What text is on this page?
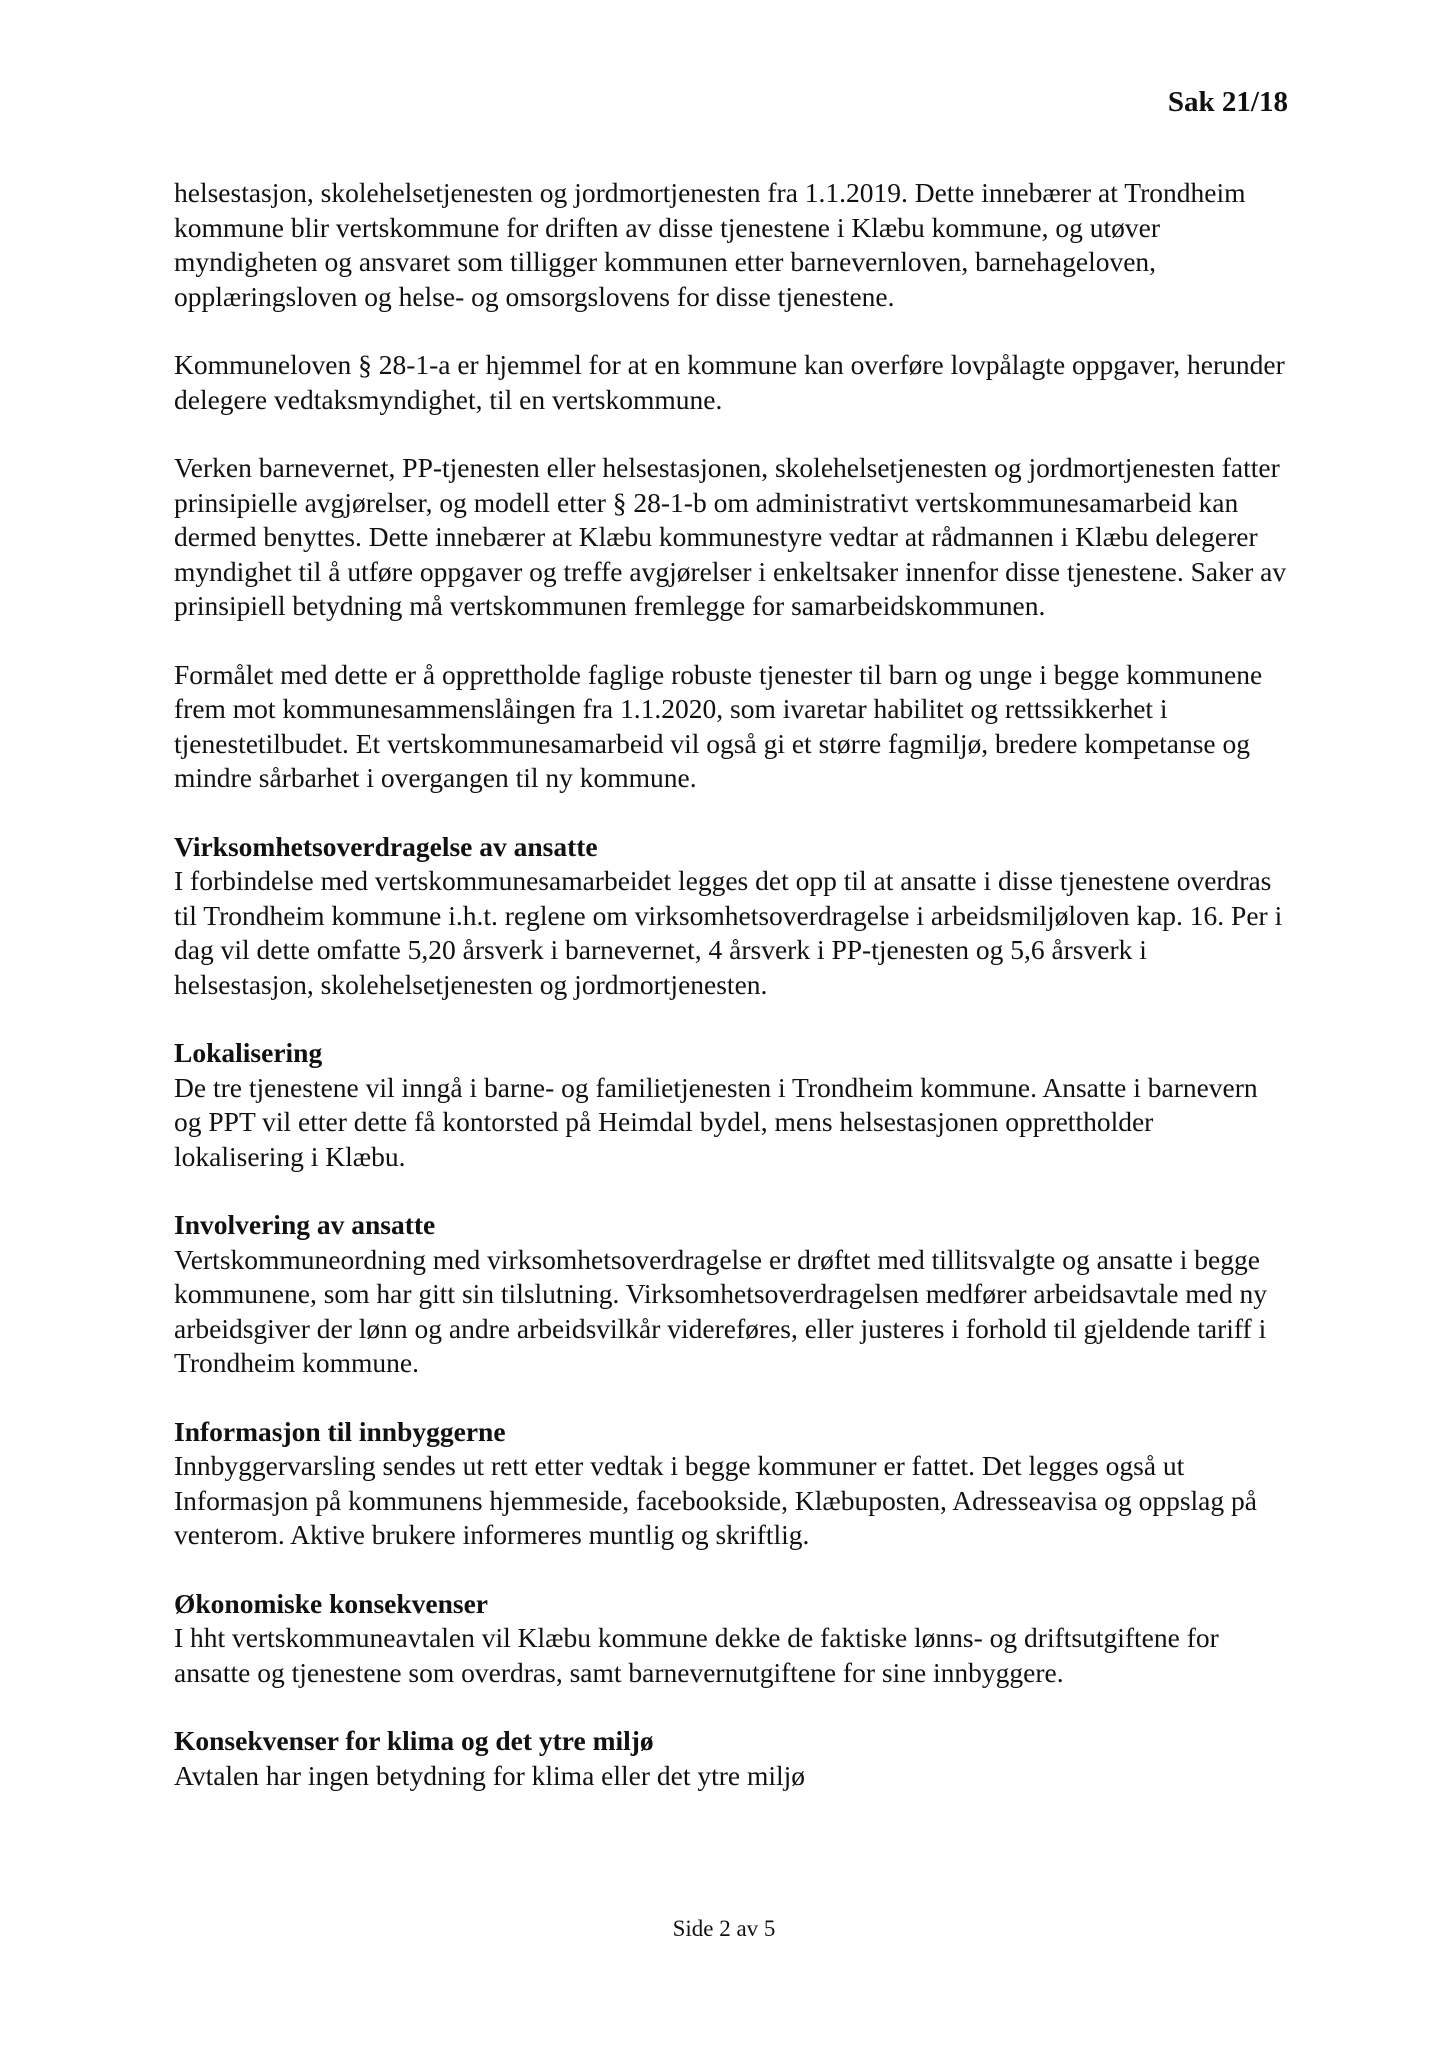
Sak 21/18

helsestasjon, skolehelsetjenesten og jordmortjenesten fra 1.1.2019. Dette innebærer at Trondheim kommune blir vertskommune for driften av disse tjenestene i Klæbu kommune, og utøver myndigheten og ansvaret som tilligger kommunen etter barnevernloven, barnehageloven, opplæringsloven og helse- og omsorgslovens for disse tjenestene.

Kommuneloven § 28-1-a er hjemmel for at en kommune kan overføre lovpålagte oppgaver, herunder delegere vedtaksmyndighet, til en vertskommune.

Verken barnevernet, PP-tjenesten eller helsestasjonen, skolehelsetjenesten og jordmortjenesten fatter prinsipielle avgjørelser, og modell etter § 28-1-b om administrativt vertskommunesamarbeid kan dermed benyttes. Dette innebærer at Klæbu kommunestyre vedtar at rådmannen i Klæbu delegerer myndighet til å utføre oppgaver og treffe avgjørelser i enkeltsaker innenfor disse tjenestene. Saker av prinsipiell betydning må vertskommunen fremlegge for samarbeidskommunen.

Formålet med dette er å opprettholde faglige robuste tjenester til barn og unge i begge kommunene frem mot kommunesammenslåingen fra 1.1.2020, som ivaretar habilitet og rettssikkerhet i tjenestetilbudet. Et vertskommunesamarbeid vil også gi et større fagmiljø, bredere kompetanse og mindre sårbarhet i overgangen til ny kommune.

Virksomhetsoverdragelse av ansatte

I forbindelse med vertskommunesamarbeidet legges det opp til at ansatte i disse tjenestene overdras til Trondheim kommune i.h.t. reglene om virksomhetsoverdragelse i arbeidsmiljøloven kap. 16. Per i dag vil dette omfatte 5,20 årsverk i barnevernet, 4 årsverk i PP-tjenesten og 5,6 årsverk i helsestasjon, skolehelsetjenesten og jordmortjenesten.

Lokalisering

De tre tjenestene vil inngå i barne- og familietjenesten i Trondheim kommune. Ansatte i barnevern og PPT vil etter dette få kontorsted på Heimdal bydel, mens helsestasjonen opprettholder lokalisering i Klæbu.

Involvering av ansatte

Vertskommuneordning med virksomhetsoverdragelse er drøftet med tillitsvalgte og ansatte i begge kommunene, som har gitt sin tilslutning. Virksomhetsoverdragelsen medfører arbeidsavtale med ny arbeidsgiver der lønn og andre arbeidsvilkår videreføres, eller justeres i forhold til gjeldende tariff i Trondheim kommune.

Informasjon til innbyggerne

Innbyggervarsling sendes ut rett etter vedtak i begge kommuner er fattet. Det legges også ut Informasjon på kommunens hjemmeside, facebookside, Klæbuposten, Adresseavisa og oppslag på venterom. Aktive brukere informeres muntlig og skriftlig.

Økonomiske konsekvenser

I hht vertskommuneavtalen vil Klæbu kommune dekke de faktiske lønns- og driftsutgiftene for ansatte og tjenestene som overdras, samt barnevernutgiftene for sine innbyggere.

Konsekvenser for klima og det ytre miljø

Avtalen har ingen betydning for klima eller det ytre miljø

Side 2 av 5
